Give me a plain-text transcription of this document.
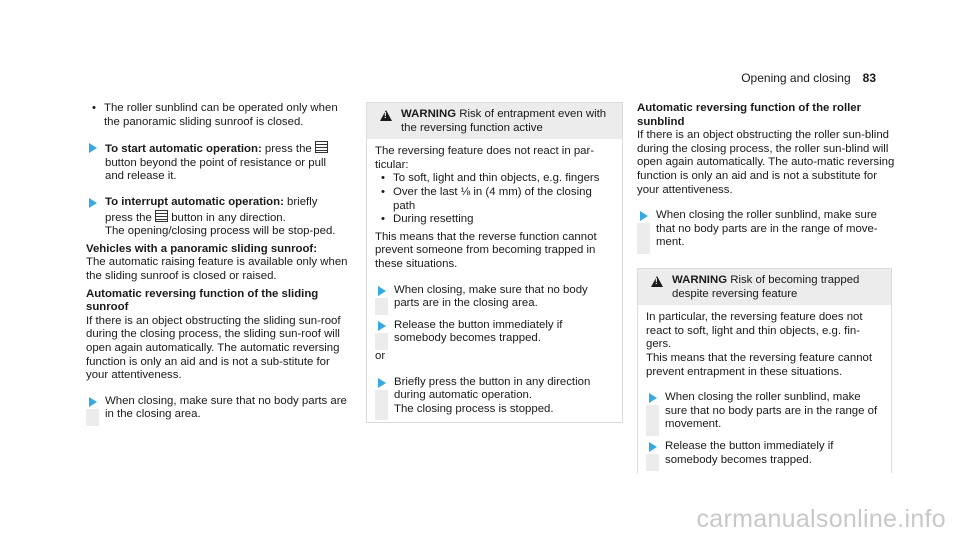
Opening and closing 83

• The roller sunblind can be operated only when the panoramic sliding sunroof is closed.

To start automatic operation: press the  button beyond the point of resistance or pull and release it.

To interrupt automatic operation: briefly press the  button in any direction.
The opening/closing process will be stop‐ped.

Vehicles with a panoramic sliding sunroof:

The automatic raising feature is available only when the sliding sunroof is closed or raised.

Automatic reversing function of the sliding sunroof

If there is an object obstructing the sliding sun‐roof during the closing process, the sliding sun‐roof will open again automatically. The automatic reversing function is only an aid and is not a sub‐stitute for your attentiveness.

When closing, make sure that no body parts are in the closing area.

!
WARNING Risk of entrapment even with the reversing function active

The reversing feature does not react in par‐ticular:

• To soft, light and thin objects, e.g. fingers

• Over the last ⅛ in (4 mm) of the closing path

• During resetting

This means that the reverse function cannot prevent someone from becoming trapped in these situations.

When closing, make sure that no body parts are in the closing area.

Release the button immediately if somebody becomes trapped.

or

Briefly press the button in any direction during automatic operation.
The closing process is stopped.

Automatic reversing function of the roller sunblind

If there is an object obstructing the roller sun‐blind during the closing process, the roller sun‐blind will open again automatically. The auto‐matic reversing function is only an aid and is not a substitute for your attentiveness.

When closing the roller sunblind, make sure that no body parts are in the range of move‐ment.

!
WARNING Risk of becoming trapped despite reversing feature

In particular, the reversing feature does not react to soft, light and thin objects, e.g. fin‐gers.

This means that the reversing feature cannot prevent entrapment in these situations.

When closing the roller sunblind, make sure that no body parts are in the range of movement.

Release the button immediately if somebody becomes trapped.

carmanualsonline.info
